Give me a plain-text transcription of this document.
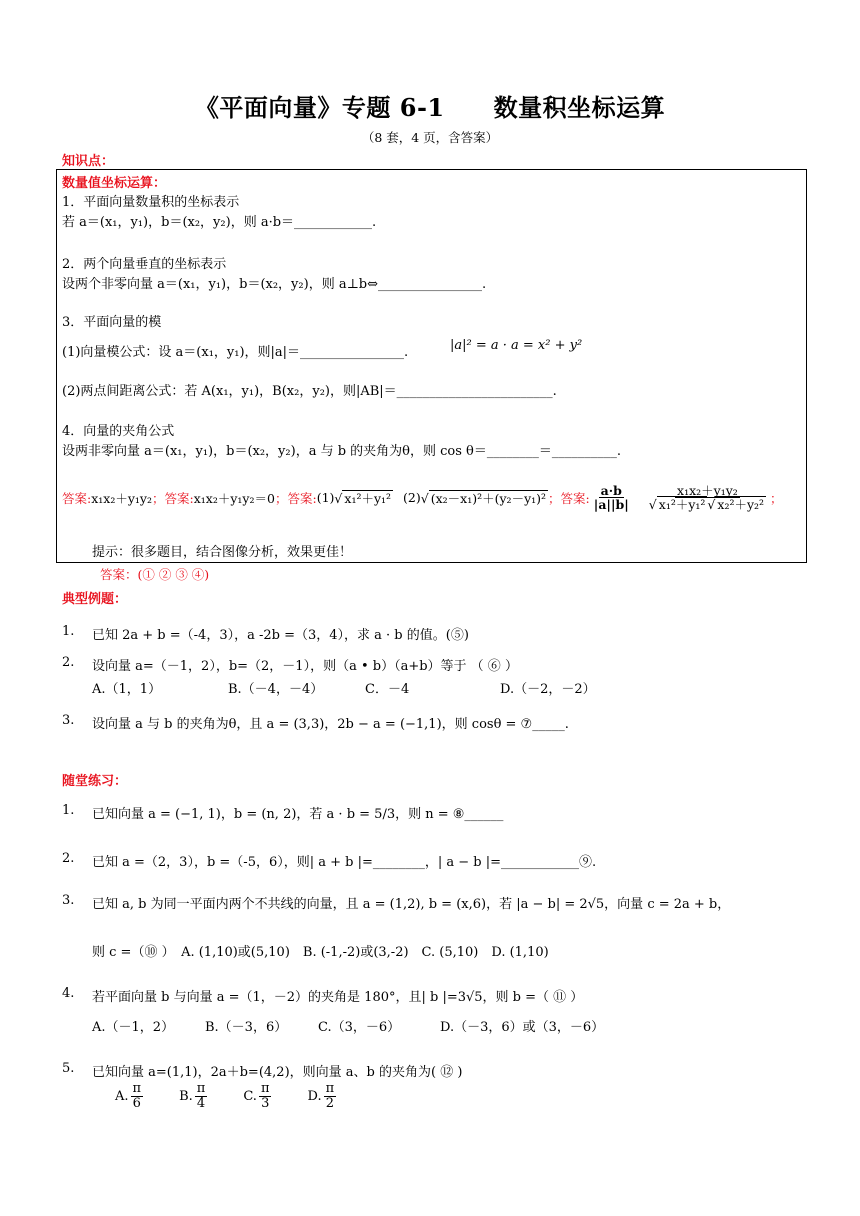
《平面向量》专题 6-1　　数量积坐标运算
（8 套，4 页，含答案）
知识点：
数量值坐标运算：
1．平面向量数量积的坐标表示
若 a＝(x₁，y₁)，b＝(x₂，y₂)，则 a·b＝____________.
2．两个向量垂直的坐标表示
设两个非零向量 a＝(x₁，y₁)，b＝(x₂，y₂)，则 a⊥b⇔________________.
3．平面向量的模
(1)向量模公式：设 a＝(x₁，y₁)，则|a|＝________________.	|a|² = a · a = x² + y²
(2)两点间距离公式：若 A(x₁，y₁)，B(x₂，y₂)，则|AB|＝________________________.
4．向量的夹角公式
设两非零向量 a＝(x₁，y₁)，b＝(x₂，y₂)，a 与 b 的夹角为θ，则 cos θ＝________＝__________.
答案: x₁x₂＋y₁y₂ ； 答案: x₁x₂＋y₁y₂＝0 ； 答案: (1) √ x₁²＋y₁² (2) √ (x₂－x₁)²＋(y₂－y₁)² ； 答案: $\frac{a\cdot b}{|a||b|} \frac{\text{x₁x₂＋y₁y₂}}{\text{√ x₁²＋y₁² √ x₂²＋y₂²}}$ ；
提示：很多题目，结合图像分析，效果更佳！
答案：(① ② ③ ④)
典型例题：
1. 已知 2a + b =（-4，3），a -2b =（3，4），求 a · b 的值。(⑤)
2. 设向量 a=（－1，2），b=（2，－1），则（a • b）（a+b）等于 （ ⑥ ）
A.（1，1）	B.（－4，－4）	C．－4	D.（－2，－2）
3. 设向量 a 与 b 的夹角为θ，且 a = (3,3)，2b − a = (−1,1)，则 cosθ = ⑦_____.
随堂练习：
1. 已知向量 a = (−1, 1)，b = (n, 2)，若 a · b = 5/3，则 n = ⑧______
2. 已知 a =（2，3），b =（-5，6），则| a + b |=________，| a − b |=____________⑨.
3. 已知 a, b 为同一平面内两个不共线的向量，且 a = (1,2), b = (x,6)，若 |a − b| = 2√5，向量 c = 2a + b，
则 c =（⑩ ）　A. (1,10)或(5,10)　B. (-1,-2)或(3,-2)　C. (5,10)　D. (1,10)
4. 若平面向量 b 与向量 a =（1，－2）的夹角是 180°，且| b |=3√5，则 b =（ ⑪ ）
A.（－1，2） B.（－3，6） C.（3，－6）	D.（－3，6）或（3，－6）
5. 已知向量 a=(1,1)，2a＋b=(4,2)，则向量 a、b 的夹角为( ⑫ )
A. $\frac{\pi}{6}$	B. $\frac{\pi}{4}$	C. $\frac{\pi}{3}$	D. $\frac{\pi}{2}$
